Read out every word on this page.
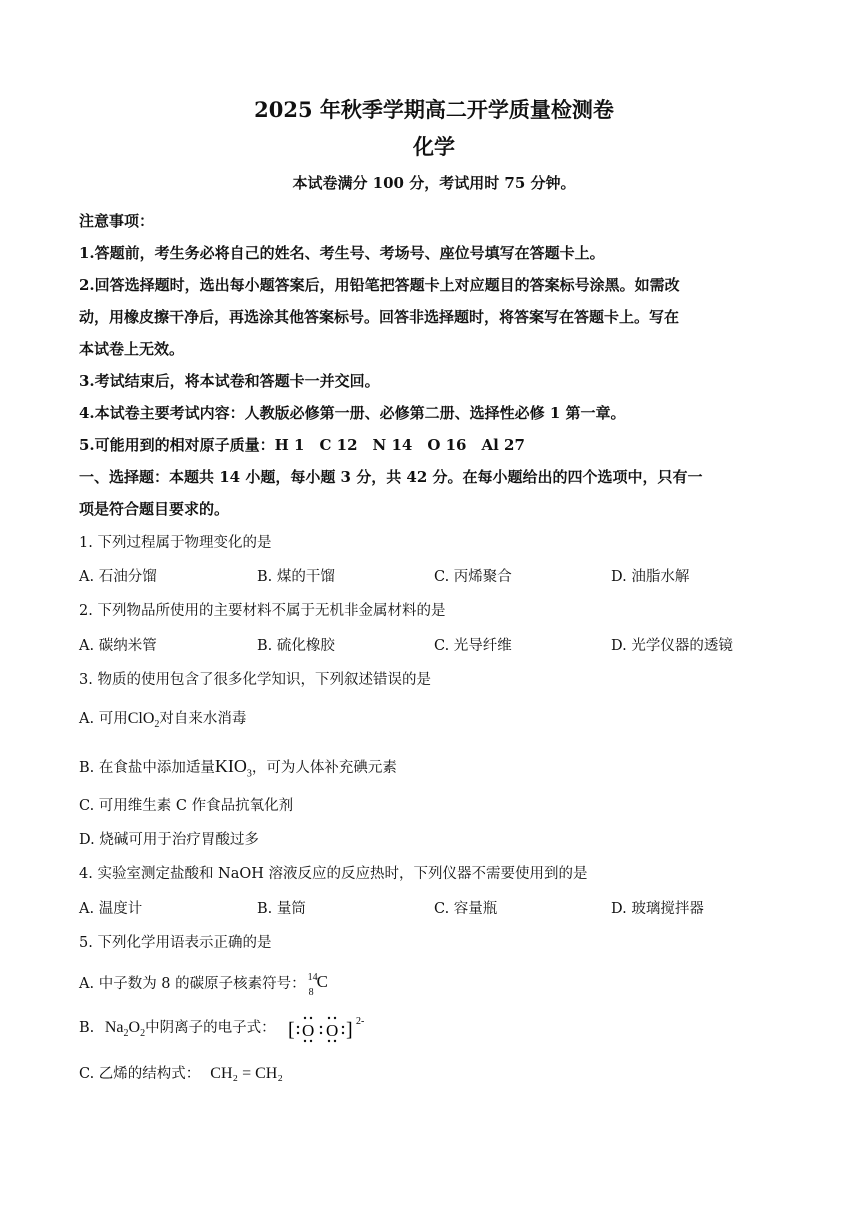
2025 年秋季学期高二开学质量检测卷
化学
本试卷满分 100 分，考试用时 75 分钟。
注意事项：
1.答题前，考生务必将自己的姓名、考生号、考场号、座位号填写在答题卡上。
2.回答选择题时，选出每小题答案后，用铅笔把答题卡上对应题目的答案标号涂黑。如需改
动，用橡皮擦干净后，再选涂其他答案标号。回答非选择题时，将答案写在答题卡上。写在
本试卷上无效。
3.考试结束后，将本试卷和答题卡一并交回。
4.本试卷主要考试内容：人教版必修第一册、必修第二册、选择性必修 1 第一章。
5.可能用到的相对原子质量：H 1　C 12　N 14　O 16　Al 27
一、选择题：本题共 14 小题，每小题 3 分，共 42 分。在每小题给出的四个选项中，只有一
项是符合题目要求的。
1. 下列过程属于物理变化的是
A. 石油分馏	B. 煤的干馏	C. 丙烯聚合	D. 油脂水解
2. 下列物品所使用的主要材料不属于无机非金属材料的是
A. 碳纳米管	B. 硫化橡胶	C. 光导纤维	D. 光学仪器的透镜
3. 物质的使用包含了很多化学知识，下列叙述错误的是
A. 可用ClO$_2$对自来水消毒
B. 在食盐中添加适量$KIO_3$，可为人体补充碘元素
C. 可用维生素 C 作食品抗氧化剂
D. 烧碱可用于治疗胃酸过多
4. 实验室测定盐酸和 NaOH 溶液反应的反应热时，下列仪器不需要使用到的是
A. 温度计	B. 量筒	C. 容量瓶	D. 玻璃搅拌器
5. 下列化学用语表示正确的是
A. 中子数为 8 的碳原子核素符号： 14
8
C
B. $Na_2O_2$中阴离子的电子式： [ O O ] 2-
C. 乙烯的结构式： CH₂ = CH₂
